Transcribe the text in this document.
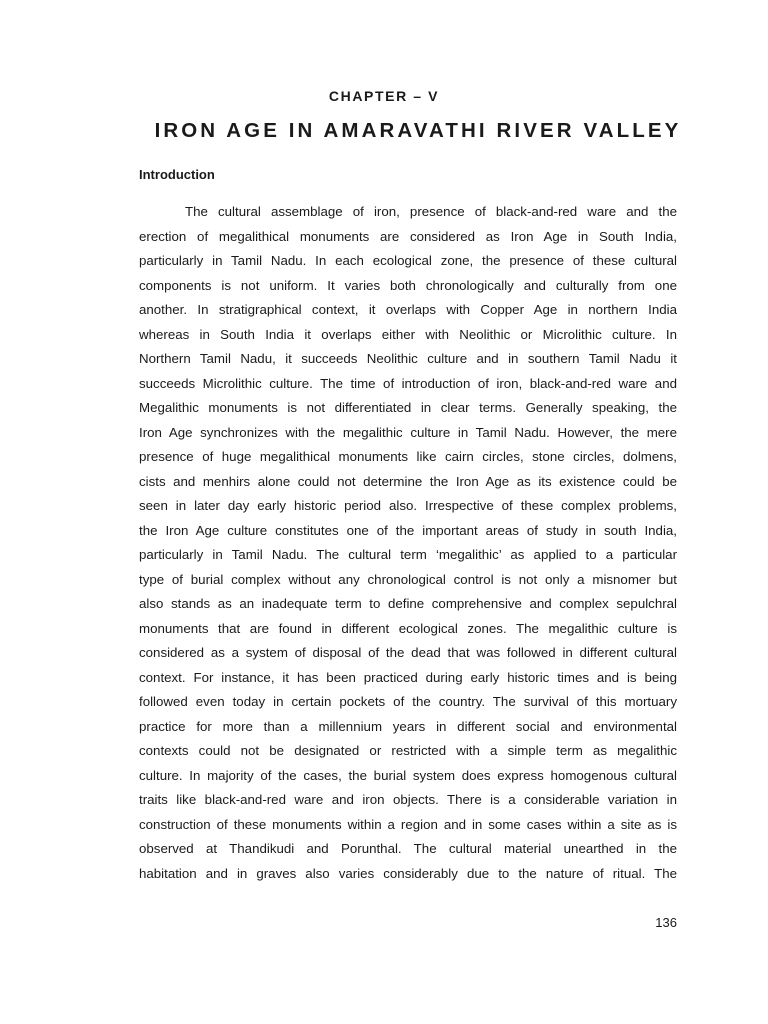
CHAPTER – V
IRON AGE IN AMARAVATHI RIVER VALLEY
Introduction
The cultural assemblage of iron, presence of black-and-red ware and the
erection of megalithical monuments are considered as Iron Age in South India,
particularly in Tamil Nadu. In each ecological zone, the presence of these cultural
components is not uniform. It varies both chronologically and culturally from one
another. In stratigraphical context, it overlaps with Copper Age in northern India
whereas in South India it overlaps either with Neolithic or Microlithic culture. In
Northern Tamil Nadu, it succeeds Neolithic culture and in southern Tamil Nadu it
succeeds Microlithic culture. The time of introduction of iron, black-and-red ware and
Megalithic monuments is not differentiated in clear terms. Generally speaking, the
Iron Age synchronizes with the megalithic culture in Tamil Nadu. However, the mere
presence of huge megalithical monuments like cairn circles, stone circles, dolmens,
cists and menhirs alone could not determine the Iron Age as its existence could be
seen in later day early historic period also. Irrespective of these complex problems,
the Iron Age culture constitutes one of the important areas of study in south India,
particularly in Tamil Nadu. The cultural term ‘megalithic’ as applied to a particular
type of burial complex without any chronological control is not only a misnomer but
also stands as an inadequate term to define comprehensive and complex sepulchral
monuments that are found in different ecological zones. The megalithic culture is
considered as a system of disposal of the dead that was followed in different cultural
context. For instance, it has been practiced during early historic times and is being
followed even today in certain pockets of the country. The survival of this mortuary
practice for more than a millennium years in different social and environmental
contexts could not be designated or restricted with a simple term as megalithic
culture. In majority of the cases, the burial system does express homogenous cultural
traits like black-and-red ware and iron objects. There is a considerable variation in
construction of these monuments within a region and in some cases within a site as is
observed at Thandikudi and Porunthal. The cultural material unearthed in the
habitation and in graves also varies considerably due to the nature of ritual. The
136
